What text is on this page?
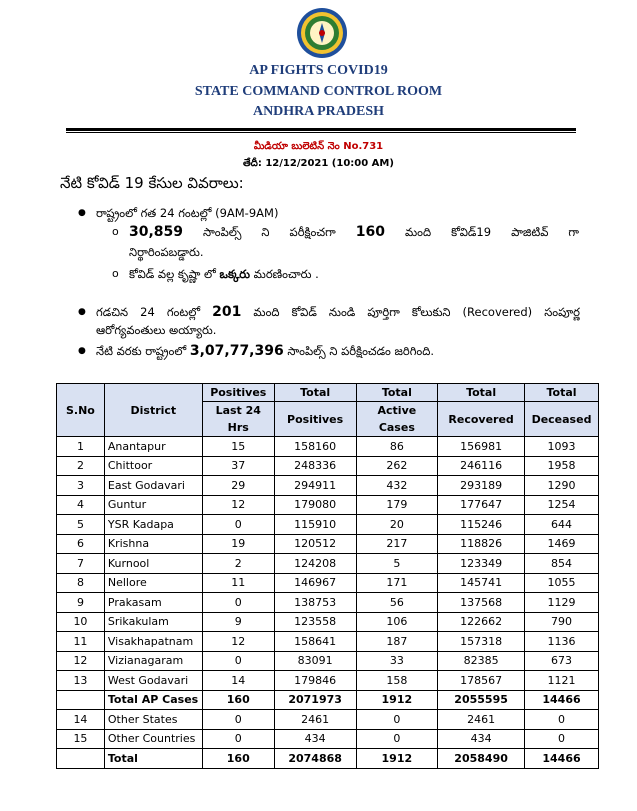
AP FIGHTS COVID19
STATE COMMAND CONTROL ROOM
ANDHRA PRADESH
మీడియా బులెటిన్ నెం No.731
తేదీ: 12/12/2021 (10:00 AM)
నేటి కోవిడ్ 19 కేసుల వివరాలు:
● రాష్ట్రంలో గత 24 గంటల్లో (9AM-9AM)
o 30,859 సాంపిల్స్ ని పరీక్షించగా 160 మంది కోవిడ్19 పాజిటివ్ గా
నిర్థారింపబడ్డారు.
o కోవిడ్ వల్ల కృష్ణా లో ఒక్కరు మరణించారు .
● గడచిన 24 గంటల్లో 201 మంది కోవిడ్ నుండి పూర్తిగా కోలుకుని (Recovered) సంపూర్ణ
ఆరోగ్యవంతులు అయ్యారు.
● నేటి వరకు రాష్ట్రంలో 3,07,77,396 సాంపిల్స్ ని పరీక్షించడం జరిగింది.
S.No	District	Positives	Total	Total	Total	Total
		Last 24 Hrs	Positives	Active Cases	Recovered	Deceased
1	Anantapur	15	158160	86	156981	1093
2	Chittoor	37	248336	262	246116	1958
3	East Godavari	29	294911	432	293189	1290
4	Guntur	12	179080	179	177647	1254
5	YSR Kadapa	0	115910	20	115246	644
6	Krishna	19	120512	217	118826	1469
7	Kurnool	2	124208	5	123349	854
8	Nellore	11	146967	171	145741	1055
9	Prakasam	0	138753	56	137568	1129
10	Srikakulam	9	123558	106	122662	790
11	Visakhapatnam	12	158641	187	157318	1136
12	Vizianagaram	0	83091	33	82385	673
13	West Godavari	14	179846	158	178567	1121
	Total AP Cases	160	2071973	1912	2055595	14466
14	Other States	0	2461	0	2461	0
15	Other Countries	0	434	0	434	0
	Total	160	2074868	1912	2058490	14466
